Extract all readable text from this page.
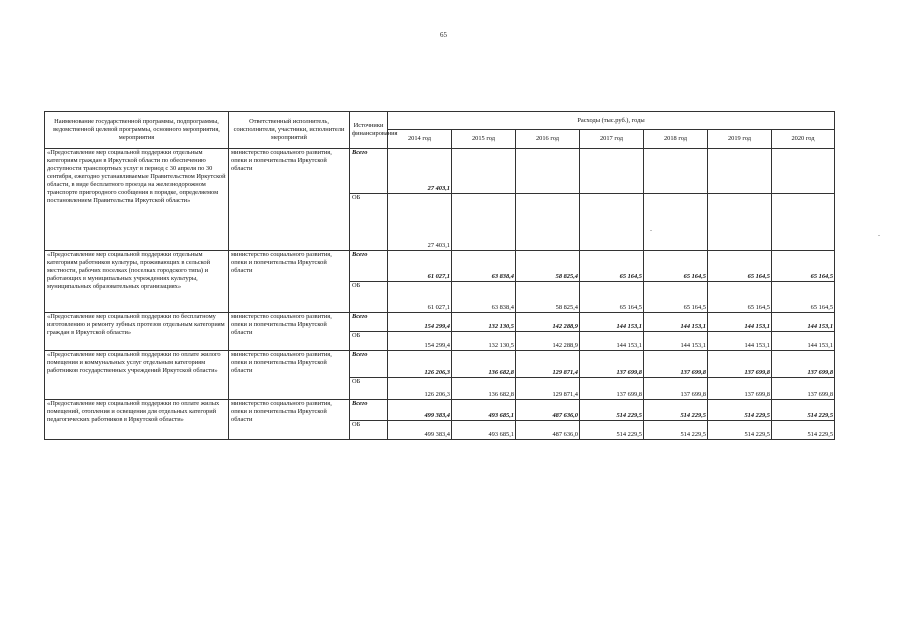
65
-
-
Наименование государственной программы, подпрограммы, ведомственной целевой программы, основного мероприятия, мероприятия	Ответственный исполнитель, соисполнители, участники, исполнители мероприятий	Источники финансирования	Расходы (тыс.руб.), годы						
			2014 год	2015 год	2016 год	2017 год	2018 год	2019 год	2020 год
«Предоставление мер социальной поддержки отдельным категориям граждан в Иркутской области по обеспечению доступности транспортных услуг в период с 30 апреля по 30 сентября, ежегодно устанавливаемые Правительством Иркутской области, в виде бесплатного проезда на железнодорожном транспорте пригородного сообщения в порядке, определяемом постановлением Правительства Иркутской области»	министерство социального развития, опеки и попечительства Иркутской области	Всего	27 403,1						
		ОБ	27 403,1						
«Предоставление мер социальной поддержки отдельным категориям работников культуры, проживающих в сельской местности, рабочих поселках (поселках городского типа) и работающих в муниципальных учреждениях культуры, муниципальных образовательных организациях»	министерство социального развития, опеки и попечительства Иркутской области	Всего	61 027,1	63 838,4	58 825,4	65 164,5	65 164,5	65 164,5	65 164,5
		ОБ	61 027,1	63 838,4	58 825,4	65 164,5	65 164,5	65 164,5	65 164,5
«Предоставление мер социальной поддержки по бесплатному изготовлению и ремонту зубных протезов отдельным категориям граждан в Иркутской области»	министерство социального развития, опеки и попечительства Иркутской области	Всего	154 299,4	132 130,5	142 288,9	144 153,1	144 153,1	144 153,1	144 153,1
		ОБ	154 299,4	132 130,5	142 288,9	144 153,1	144 153,1	144 153,1	144 153,1
«Предоставление мер социальной поддержки по оплате жилого помещения и коммунальных услуг отдельным категориям работников государственных учреждений Иркутской области»	министерство социального развития, опеки и попечительства Иркутской области	Всего	126 206,3	136 682,8	129 871,4	137 699,8	137 699,8	137 699,8	137 699,8
		ОБ	126 206,3	136 682,8	129 871,4	137 699,8	137 699,8	137 699,8	137 699,8
«Предоставление мер социальной поддержки по оплате жилых помещений, отопления и освещения для отдельных категорий педагогических работников в Иркутской области»	министерство социального развития, опеки и попечительства Иркутской области	Всего	499 383,4	493 685,1	487 636,0	514 229,5	514 229,5	514 229,5	514 229,5
		ОБ	499 383,4	493 685,1	487 636,0	514 229,5	514 229,5	514 229,5	514 229,5
